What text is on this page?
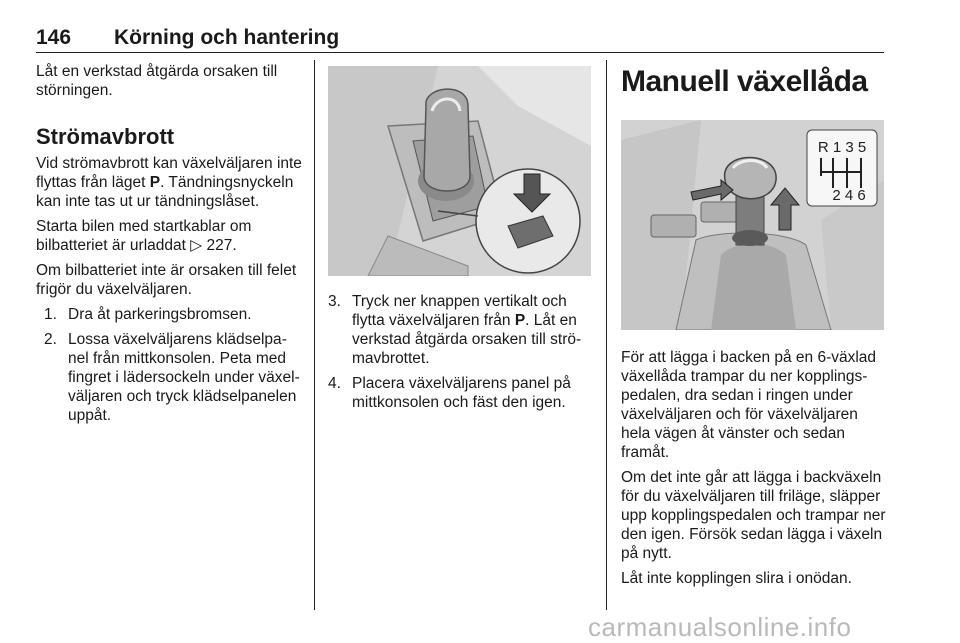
146 Körning och hantering

Låt en verkstad åtgärda orsaken till störningen.

Strömavbrott

Vid strömavbrott kan växelväljaren inte flyttas från läget P. Tändningsnyckeln kan inte tas ut ur tändningslåset.

Starta bilen med startkablar om bilbatteriet är urladdat ▷ 227.

Om bilbatteriet inte är orsaken till felet frigör du växelväljaren.

1. Dra åt parkeringsbromsen.
2. Lossa växelväljarens klädselpanel från mittkonsolen. Peta med fingret i lädersockeln under växelväljaren och tryck klädselpanelen uppåt.
3. Tryck ner knappen vertikalt och flytta växelväljaren från P. Låt en verkstad åtgärda orsaken till strömavbrottet.
4. Placera växelväljarens panel på mittkonsolen och fäst den igen.
Manuell växellåda
R 1 3 5
2 4 6

För att lägga i backen på en 6-växlad växellåda trampar du ner kopplingspedalen, dra sedan i ringen under växelväljaren och för växelväljaren hela vägen åt vänster och sedan framåt.

Om det inte går att lägga i backväxeln för du växelväljaren till friläge, släpper upp kopplingspedalen och trampar ner den igen. Försök sedan lägga i växeln på nytt.

Låt inte kopplingen slira i onödan.

carmanualsonline.info
